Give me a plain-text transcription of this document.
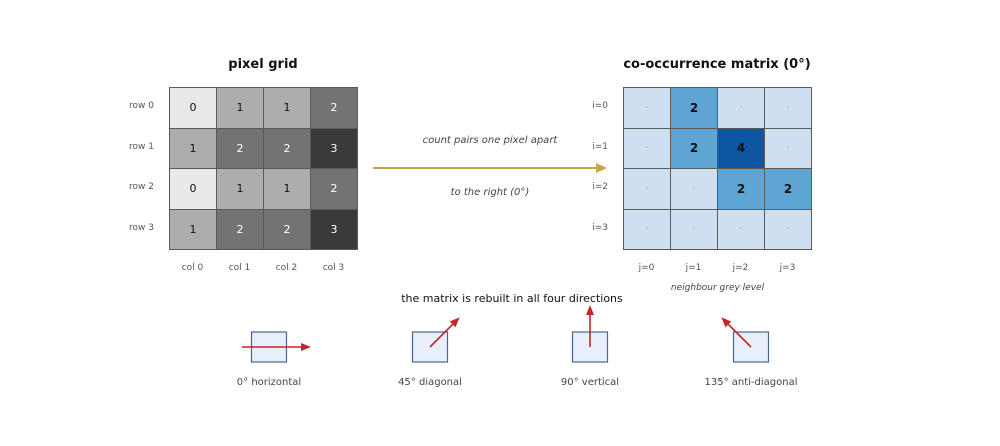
pixel grid
0	1	1	2
1	2	2	3
0	1	1	2
1	2	2	3
row 0
row 1
row 2
row 3
col 0	col 1	col 2	col 3
count pairs one pixel apart
to the right (0°)
co-occurrence matrix (0°)
·	2	·	·
·	2	4	·
·	·	2	2
·	·	·	·
i=0
i=1
i=2
i=3
j=0	j=1	j=2	j=3
neighbour grey level
the matrix is rebuilt in all four directions
0° horizontal	45° diagonal	90° vertical	135° anti-diagonal
